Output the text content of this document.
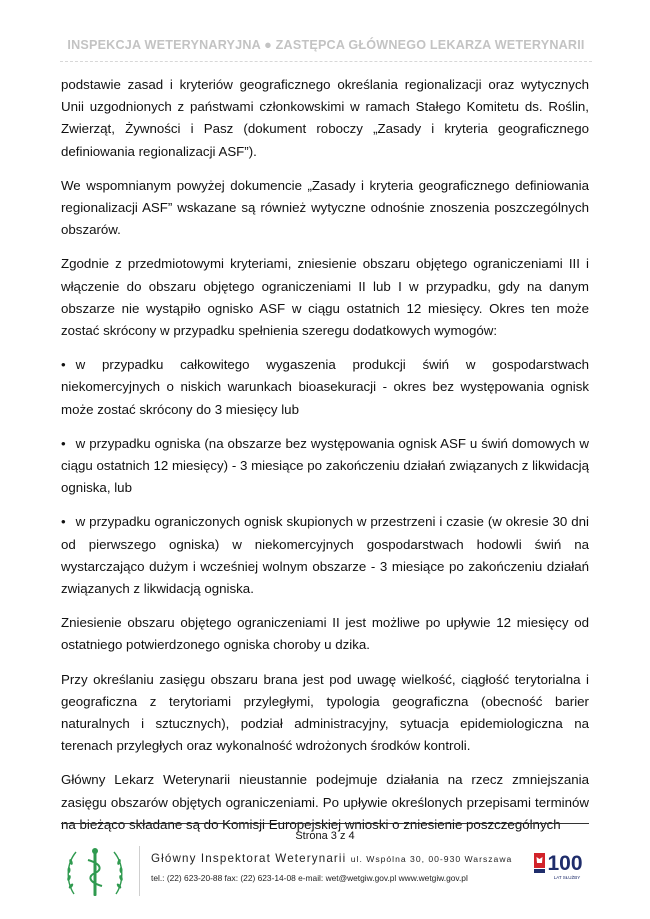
INSPEKCJA WETERYNARYJNA ● ZASTĘPCA GŁÓWNEGO LEKARZA WETERYNARII

podstawie zasad i kryteriów geograficznego określania regionalizacji oraz wytycznych Unii uzgodnionych z państwami członkowskimi w ramach Stałego Komitetu ds. Roślin, Zwierząt, Żywności i Pasz (dokument roboczy „Zasady i kryteria geograficznego definiowania regionalizacji ASF”).

We wspomnianym powyżej dokumencie „Zasady i kryteria geograficznego definiowania regionalizacji ASF” wskazane są również wytyczne odnośnie znoszenia poszczególnych obszarów.

Zgodnie z przedmiotowymi kryteriami, zniesienie obszaru objętego ograniczeniami III i włączenie do obszaru objętego ograniczeniami II lub I w przypadku, gdy na danym obszarze nie wystąpiło ognisko ASF w ciągu ostatnich 12 miesięcy. Okres ten może zostać skrócony w przypadku spełnienia szeregu dodatkowych wymogów:

• w przypadku całkowitego wygaszenia produkcji świń w gospodarstwach niekomercyjnych o niskich warunkach bioasekuracji - okres bez występowania ognisk może zostać skrócony do 3 miesięcy lub

• w przypadku ogniska (na obszarze bez występowania ognisk ASF u świń domowych w ciągu ostatnich 12 miesięcy) - 3 miesiące po zakończeniu działań związanych z likwidacją ogniska, lub

• w przypadku ograniczonych ognisk skupionych w przestrzeni i czasie (w okresie 30 dni od pierwszego ogniska) w niekomercyjnych gospodarstwach hodowli świń na wystarczająco dużym i wcześniej wolnym obszarze - 3 miesiące po zakończeniu działań związanych z likwidacją ogniska.

Zniesienie obszaru objętego ograniczeniami II jest możliwe po upływie 12 miesięcy od ostatniego potwierdzonego ogniska choroby u dzika.

Przy określaniu zasięgu obszaru brana jest pod uwagę wielkość, ciągłość terytorialna i geograficzna z terytoriami przyległymi, typologia geograficzna (obecność barier naturalnych i sztucznych), podział administracyjny, sytuacja epidemiologiczna na terenach przyległych oraz wykonalność wdrożonych środków kontroli.

Główny Lekarz Weterynarii nieustannie podejmuje działania na rzecz zmniejszania zasięgu obszarów objętych ograniczeniami. Po upływie określonych przepisami terminów na bieżąco składane są do Komisji Europejskiej wnioski o zniesienie poszczególnych

Strona 3 z 4
Główny Inspektorat Weterynarii ul. Wspólna 30, 00-930 Warszawa
tel.: (22) 623-20-88 fax: (22) 623-14-08 e-mail: wet@wetgiw.gov.pl www.wetgiw.gov.pl
100
LAT SŁUŻBY
